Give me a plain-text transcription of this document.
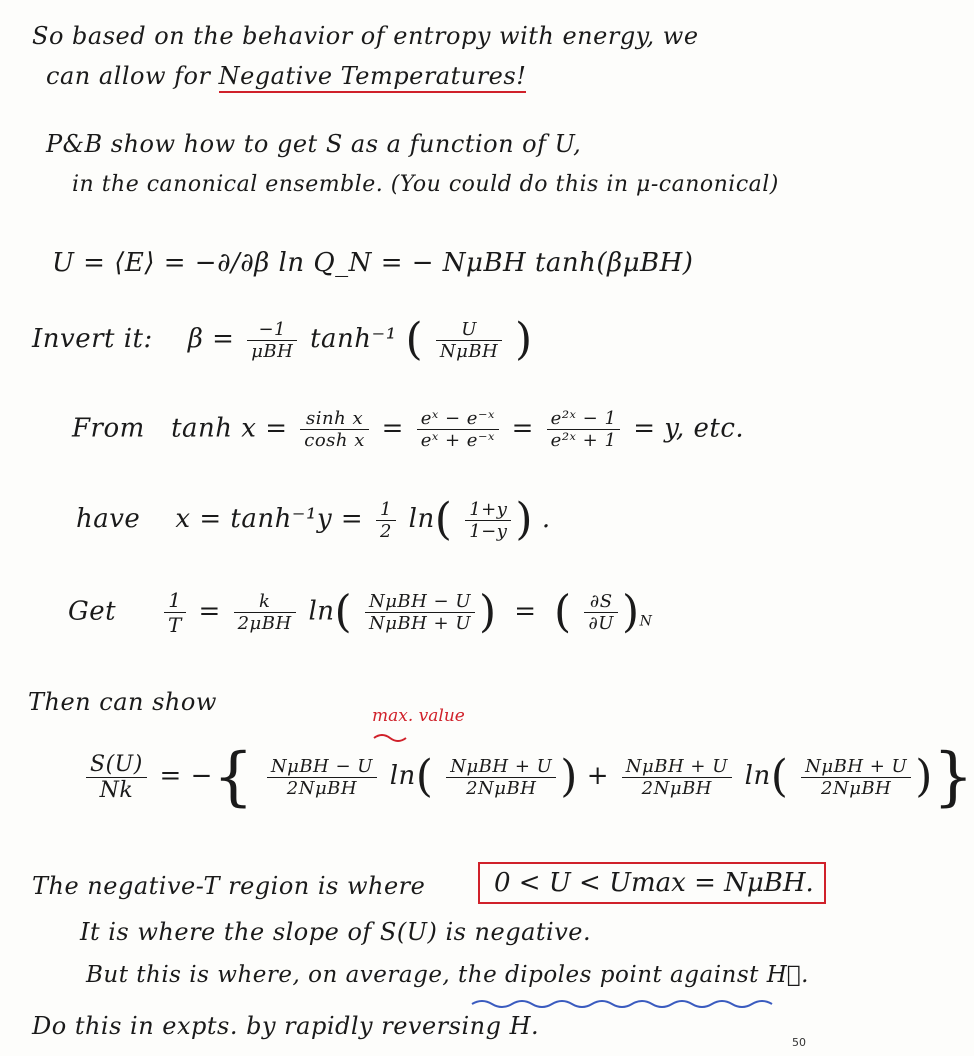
So based on the behavior of entropy with energy, we
can allow for Negative Temperatures!
P&B show how to get S as a function of U,
in the canonical ensemble. (You could do this in μ-canonical)
U = ⟨E⟩ = −∂/∂β ln Q_N = − NμBH tanh(βμBH)
Invert it: $\beta = \frac{-1}{\text{μBH}} \tanh^{-1}$ ( $\frac{U}{\text{NμBH}}$ )
From $\tanh x = \frac{\text{sinh x}}{\text{cosh x}} = \frac{\text{eˣ − e⁻ˣ}}{\text{eˣ + e⁻ˣ}} = \frac{\text{e²ˣ − 1}}{\text{e²ˣ + 1}} = y$, etc.
have $x = \tanh^{-1}y = \frac{1}{2} \ln( \frac{1+y}{1-y}$ ) .
Get $\frac{1}{T} = \frac{k}{\text{2μBH}} \ln( \frac{\text{NμBH − U}}{\text{NμBH + U}}$ )  =  ( $\frac{\partial S}{\partial U} )_N$
Then can show	max. value
$\frac{S(U)}{Nk}$ = −{ $\frac{\text{NμBH − U}}{\text{2NμBH}} \ln( \frac{\text{NμBH + U}}{\text{2NμBH}}$ ) + $\frac{\text{NμBH + U}}{\text{2NμBH}} \ln( \frac{\text{NμBH + U}}{\text{2NμBH}}$ )}
The negative-T region is where	0 < U < Umax = NμBH.
It is where the slope of S(U) is negative.
But this is where, on average, the dipoles point against H⃗.
Do this in expts. by rapidly reversing H.
50
